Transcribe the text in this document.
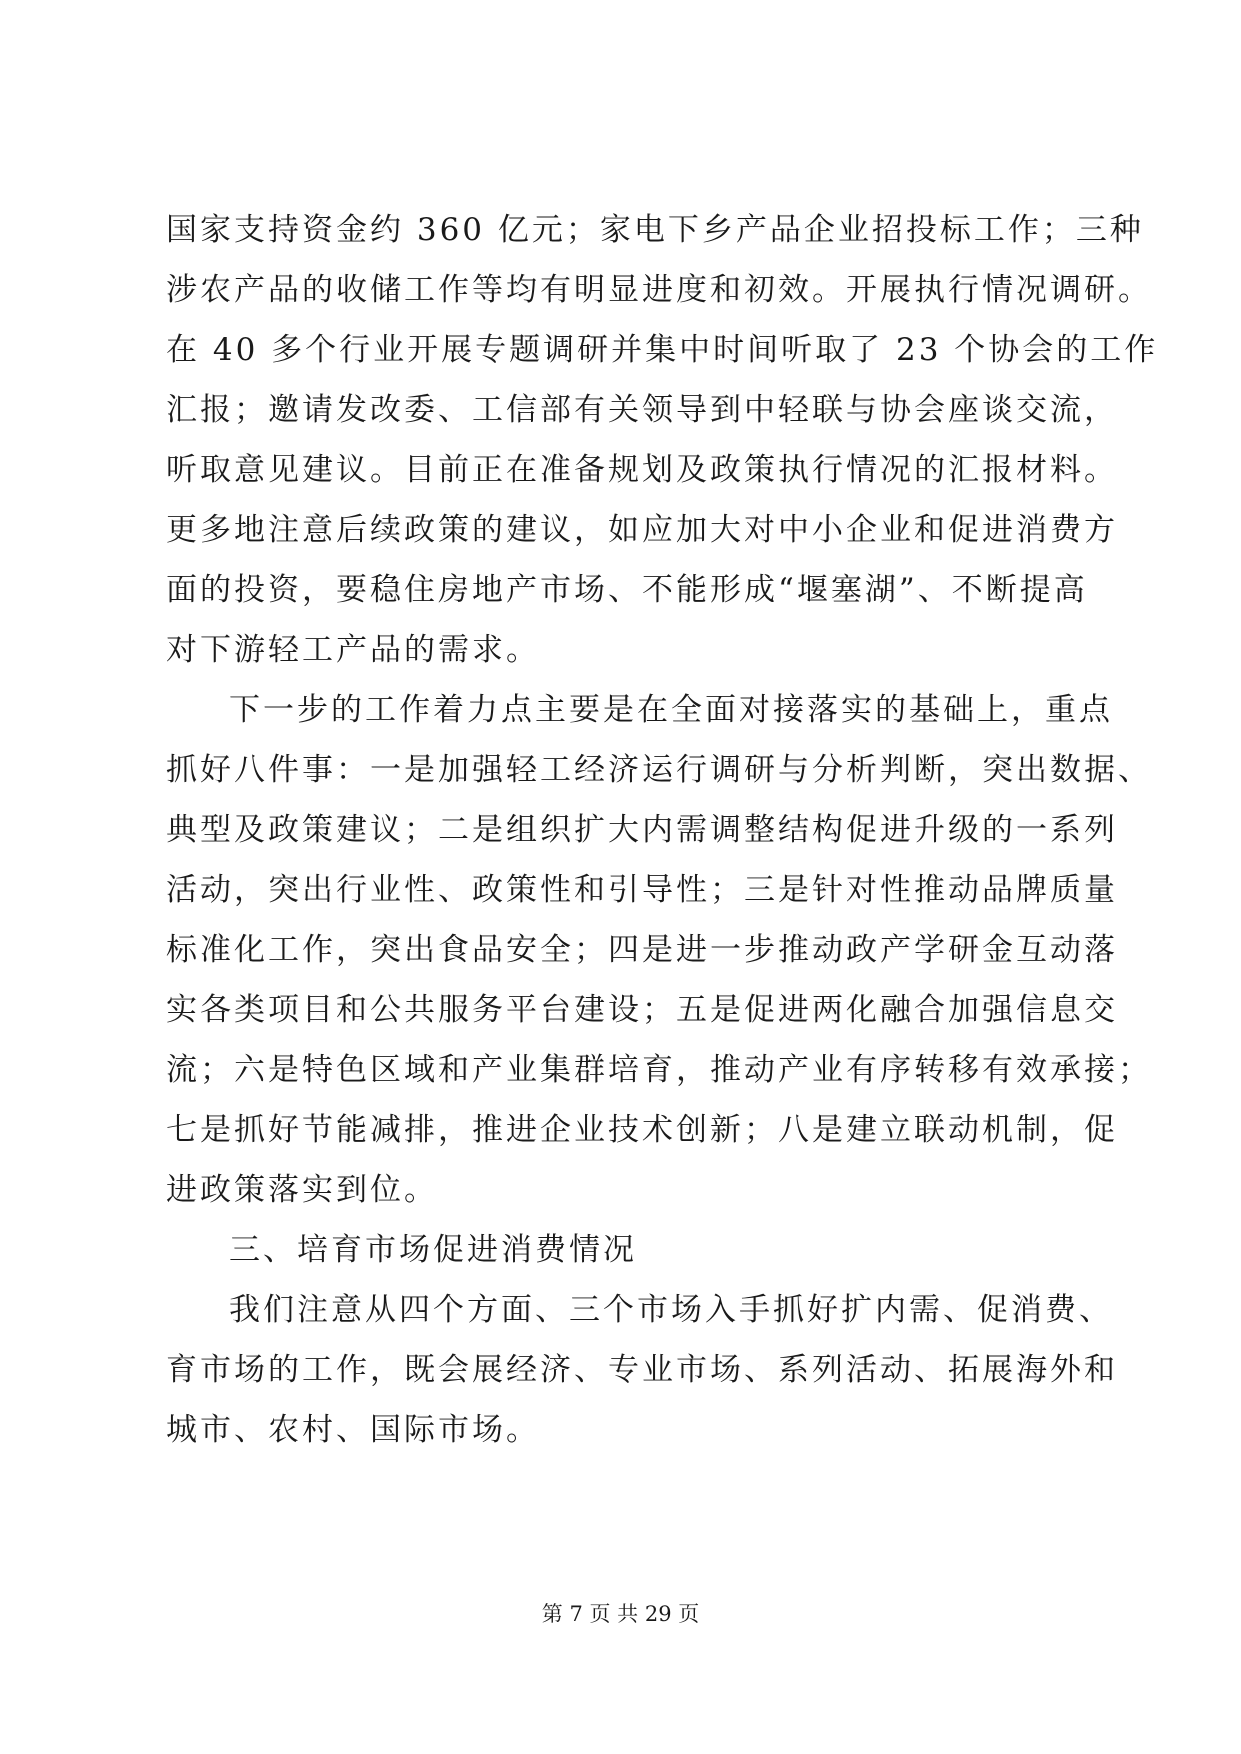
国家支持资金约 360 亿元；家电下乡产品企业招投标工作；三种
涉农产品的收储工作等均有明显进度和初效。开展执行情况调研。
在 40 多个行业开展专题调研并集中时间听取了 23 个协会的工作
汇报；邀请发改委、工信部有关领导到中轻联与协会座谈交流，
听取意见建议。目前正在准备规划及政策执行情况的汇报材料。
更多地注意后续政策的建议，如应加大对中小企业和促进消费方
面的投资，要稳住房地产市场、不能形成“堰塞湖”、不断提高
对下游轻工产品的需求。
下一步的工作着力点主要是在全面对接落实的基础上，重点
抓好八件事：一是加强轻工经济运行调研与分析判断，突出数据、
典型及政策建议；二是组织扩大内需调整结构促进升级的一系列
活动，突出行业性、政策性和引导性；三是针对性推动品牌质量
标准化工作，突出食品安全；四是进一步推动政产学研金互动落
实各类项目和公共服务平台建设；五是促进两化融合加强信息交
流；六是特色区域和产业集群培育，推动产业有序转移有效承接；
七是抓好节能减排，推进企业技术创新；八是建立联动机制，促
进政策落实到位。
三、培育市场促进消费情况
我们注意从四个方面、三个市场入手抓好扩内需、促消费、
育市场的工作，既会展经济、专业市场、系列活动、拓展海外和
城市、农村、国际市场。
第 7 页 共 29 页
